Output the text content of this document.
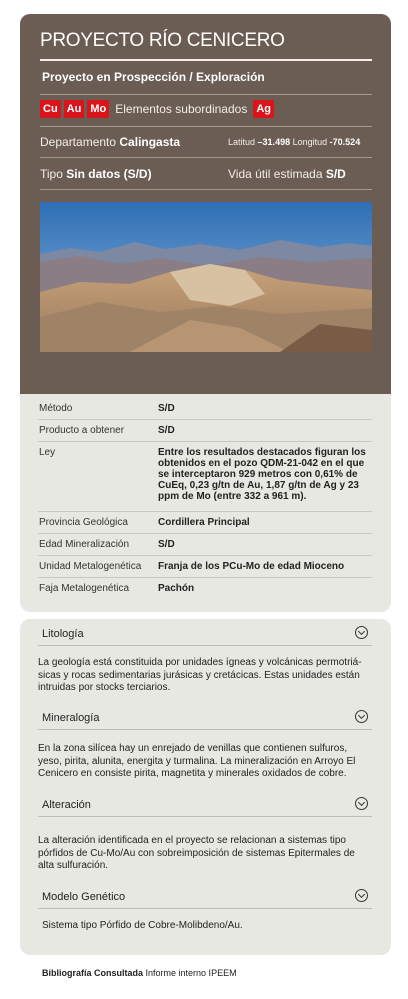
PROYECTO RÍO CENICERO
Proyecto en Prospección / Exploración
Cu Au Mo Elementos subordinados Ag
Departamento Calingasta	Latitud –31.498 Longitud -70.524
Tipo Sin datos (S/D)	Vida útil estimada S/D
Método	S/D
Producto a obtener	S/D
Ley	Entre los resultados destacados figuran los obtenidos en el pozo QDM-21-042 en el que se interceptaron 929 metros con 0,61% de CuEq, 0,23 g/tn de Au, 1,87 g/tn de Ag y 23 ppm de Mo (entre 332 a 961 m).
Provincia Geológica	Cordillera Principal
Edad Mineralización	S/D
Unidad Metalogenética	Franja de los PCu-Mo de edad Mioceno
Faja Metalogenética	Pachón
Litología
La geología está constituida por unidades ígneas y volcánicas permotriá-sicas y rocas sedimentarias jurásicas y cretácicas. Estas unidades están intruidas por stocks terciarios.
Mineralogía
En la zona silícea hay un enrejado de venillas que contienen sulfuros, yeso, pirita, alunita, energita y turmalina. La mineralización en Arroyo El Cenicero en consiste pirita, magnetita y minerales oxidados de cobre.
Alteración
La alteración identificada en el proyecto se relacionan a sistemas tipo pórfidos de Cu-Mo/Au con sobreimposición de sistemas Epitermales de alta sulfuración.
Modelo Genético
Sistema tipo Pórfido de Cobre-Molibdeno/Au.
Bibliografía Consultada Informe interno IPEEM
